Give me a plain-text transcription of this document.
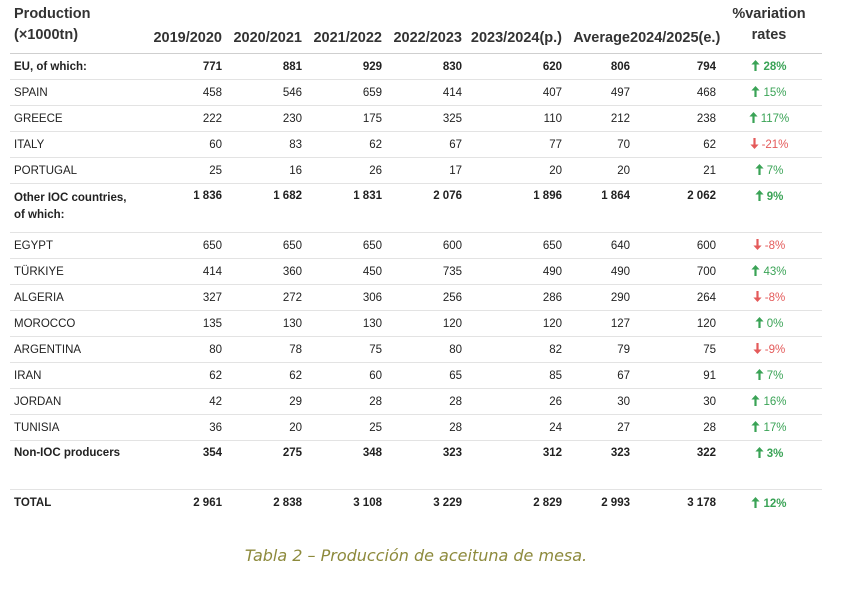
Production
(×1000tn)	2019/2020	2020/2021	2021/2022	2022/2023	2023/2024(p.)	Average	2024/2025(e.)	%variation
rates
EU, of which:	771	881	929	830	620	806	794	28%
SPAIN	458	546	659	414	407	497	468	15%
GREECE	222	230	175	325	110	212	238	117%
ITALY	60	83	62	67	77	70	62	-21%
PORTUGAL	25	16	26	17	20	20	21	7%
Other IOC countries,
of which:	1 836	1 682	1 831	2 076	1 896	1 864	2 062	9%
EGYPT	650	650	650	600	650	640	600	-8%
TÜRKIYE	414	360	450	735	490	490	700	43%
ALGERIA	327	272	306	256	286	290	264	-8%
MOROCCO	135	130	130	120	120	127	120	0%
ARGENTINA	80	78	75	80	82	79	75	-9%
IRAN	62	62	60	65	85	67	91	7%
JORDAN	42	29	28	28	26	30	30	16%
TUNISIA	36	20	25	28	24	27	28	17%
Non-IOC producers	354	275	348	323	312	323	322	3%
TOTAL	2 961	2 838	3 108	3 229	2 829	2 993	3 178	12%
Tabla 2 – Producción de aceituna de mesa.
